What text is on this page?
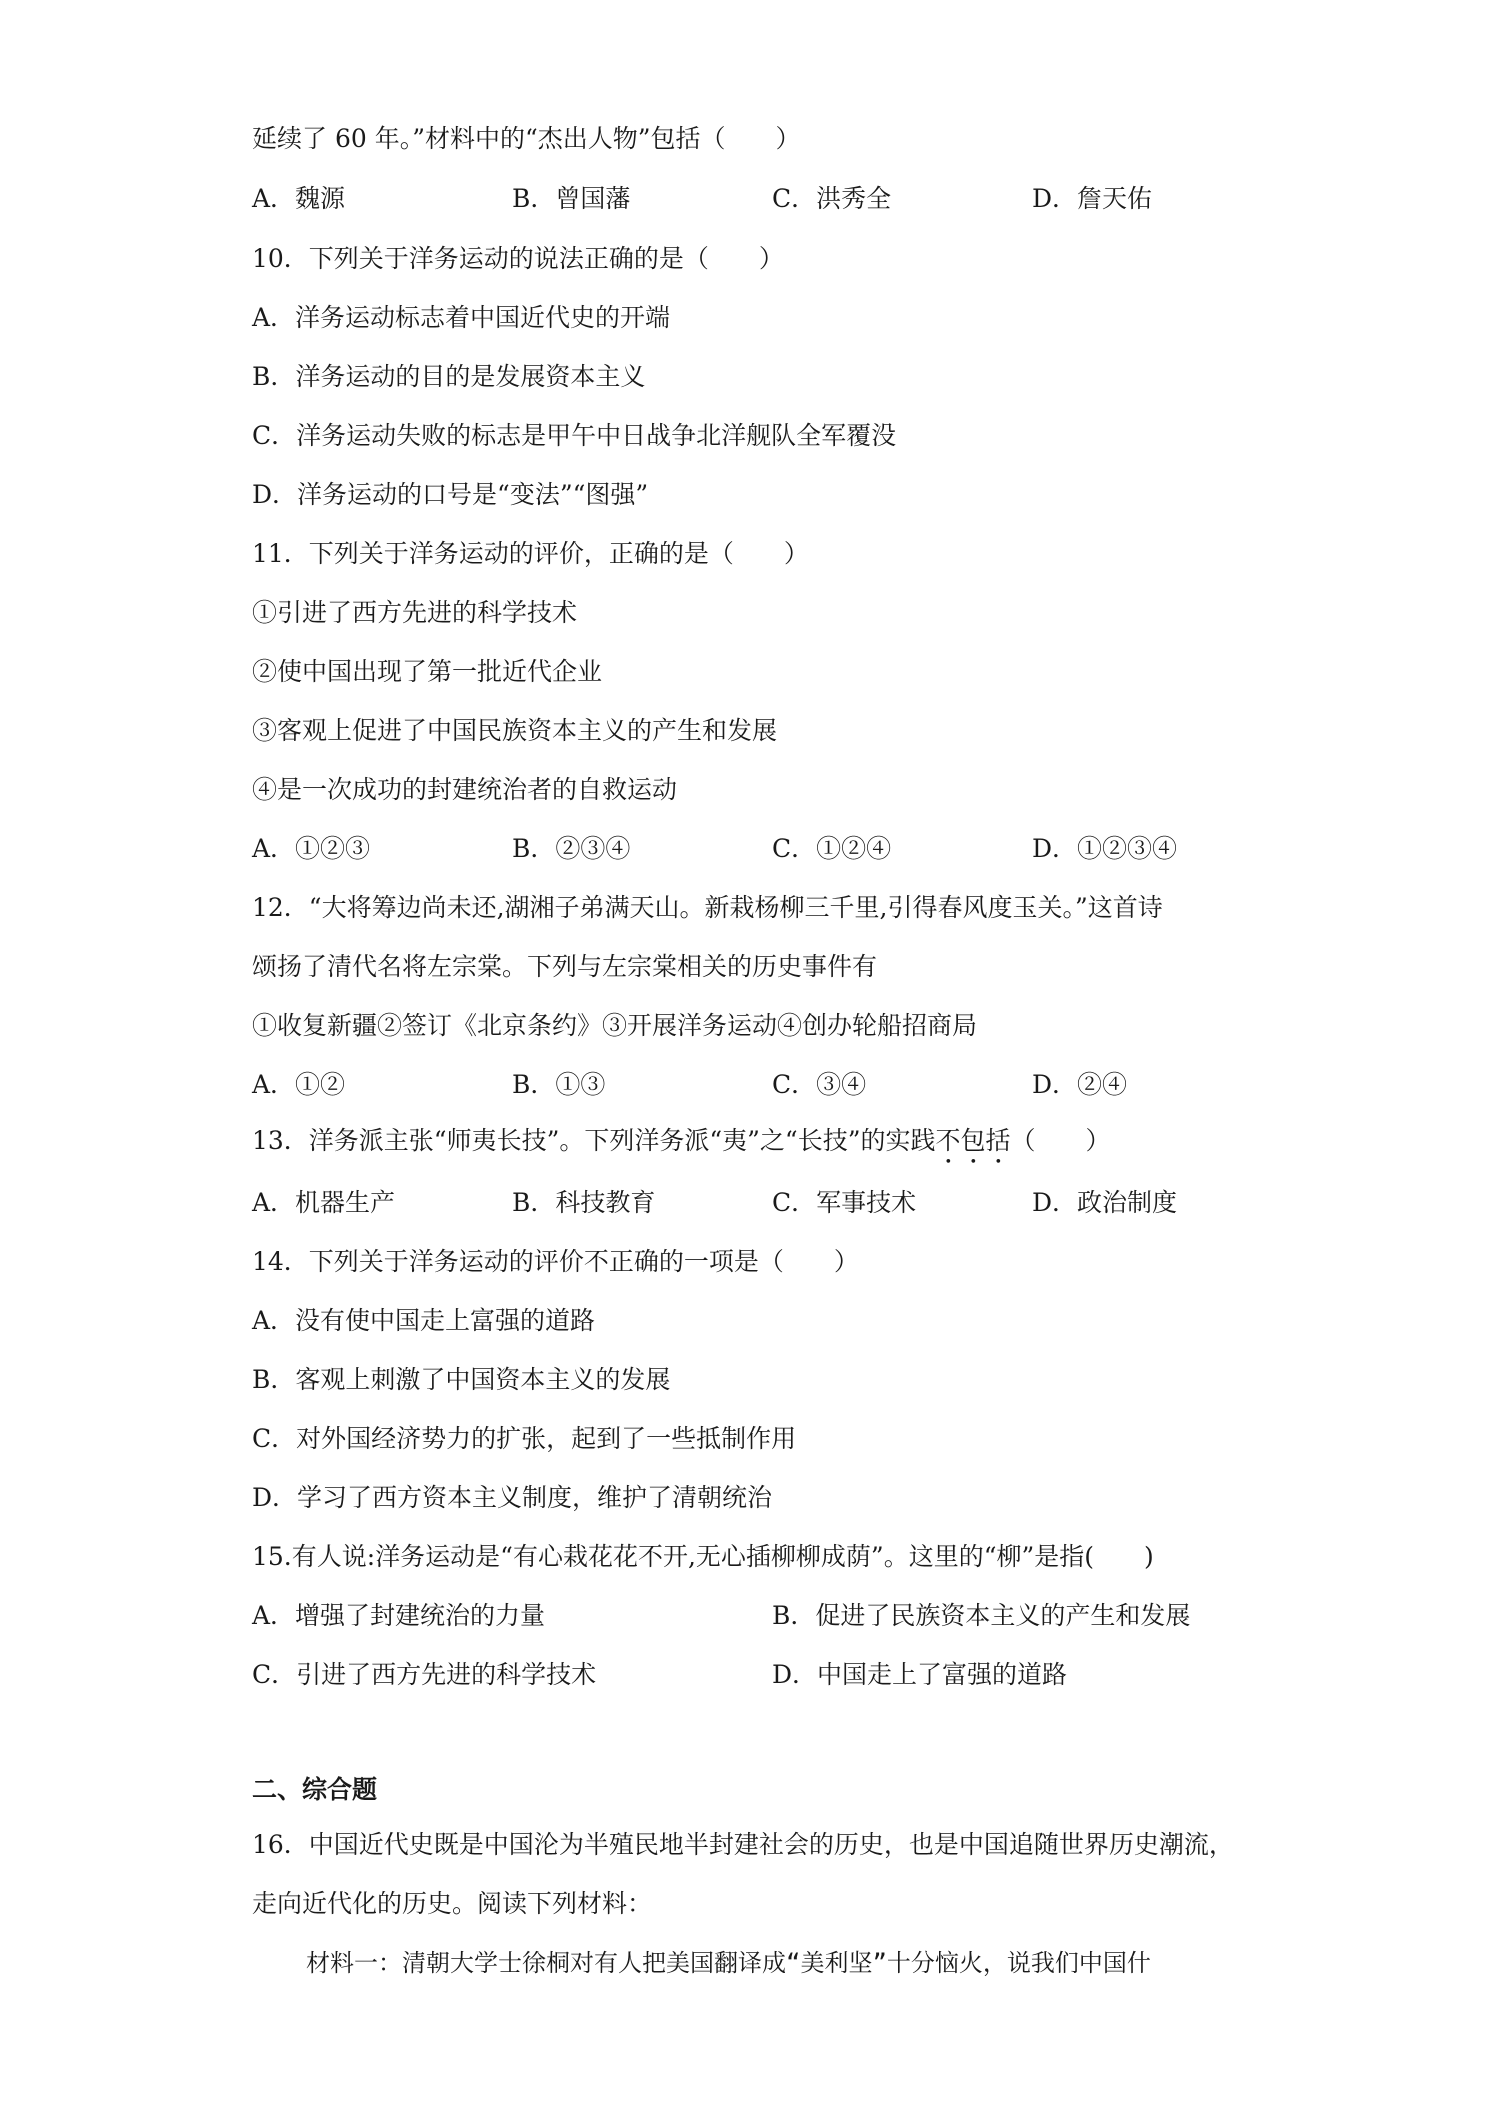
延续了 60 年。”材料中的“杰出人物”包括（　　）
A．魏源	B．曾国藩	C．洪秀全	D．詹天佑
10．下列关于洋务运动的说法正确的是（　　）
A．洋务运动标志着中国近代史的开端
B．洋务运动的目的是发展资本主义
C．洋务运动失败的标志是甲午中日战争北洋舰队全军覆没
D．洋务运动的口号是“变法”“图强”
11．下列关于洋务运动的评价，正确的是（　　）
①引进了西方先进的科学技术
②使中国出现了第一批近代企业
③客观上促进了中国民族资本主义的产生和发展
④是一次成功的封建统治者的自救运动
A．①②③	B．②③④	C．①②④	D．①②③④
12．“大将筹边尚未还,湖湘子弟满天山。新栽杨柳三千里,引得春风度玉关。”这首诗
颂扬了清代名将左宗棠。下列与左宗棠相关的历史事件有
①收复新疆②签订《北京条约》③开展洋务运动④创办轮船招商局
A．①②	B．①③	C．③④	D．②④
13．洋务派主张“师夷长技”。下列洋务派“夷”之“长技”的实践不包括（　　）
A．机器生产	B．科技教育	C．军事技术	D．政治制度
14．下列关于洋务运动的评价不正确的一项是（　　）
A．没有使中国走上富强的道路
B．客观上刺激了中国资本主义的发展
C．对外国经济势力的扩张，起到了一些抵制作用
D．学习了西方资本主义制度，维护了清朝统治
15.有人说:洋务运动是“有心栽花花不开,无心插柳柳成荫”。这里的“柳”是指(　　)
A．增强了封建统治的力量	B．促进了民族资本主义的产生和发展
C．引进了西方先进的科学技术	D．中国走上了富强的道路
二、综合题
16．中国近代史既是中国沦为半殖民地半封建社会的历史，也是中国追随世界历史潮流，
走向近代化的历史。阅读下列材料：
材料一：清朝大学士徐桐对有人把美国翻译成“美利坚”十分恼火，说我们中国什
